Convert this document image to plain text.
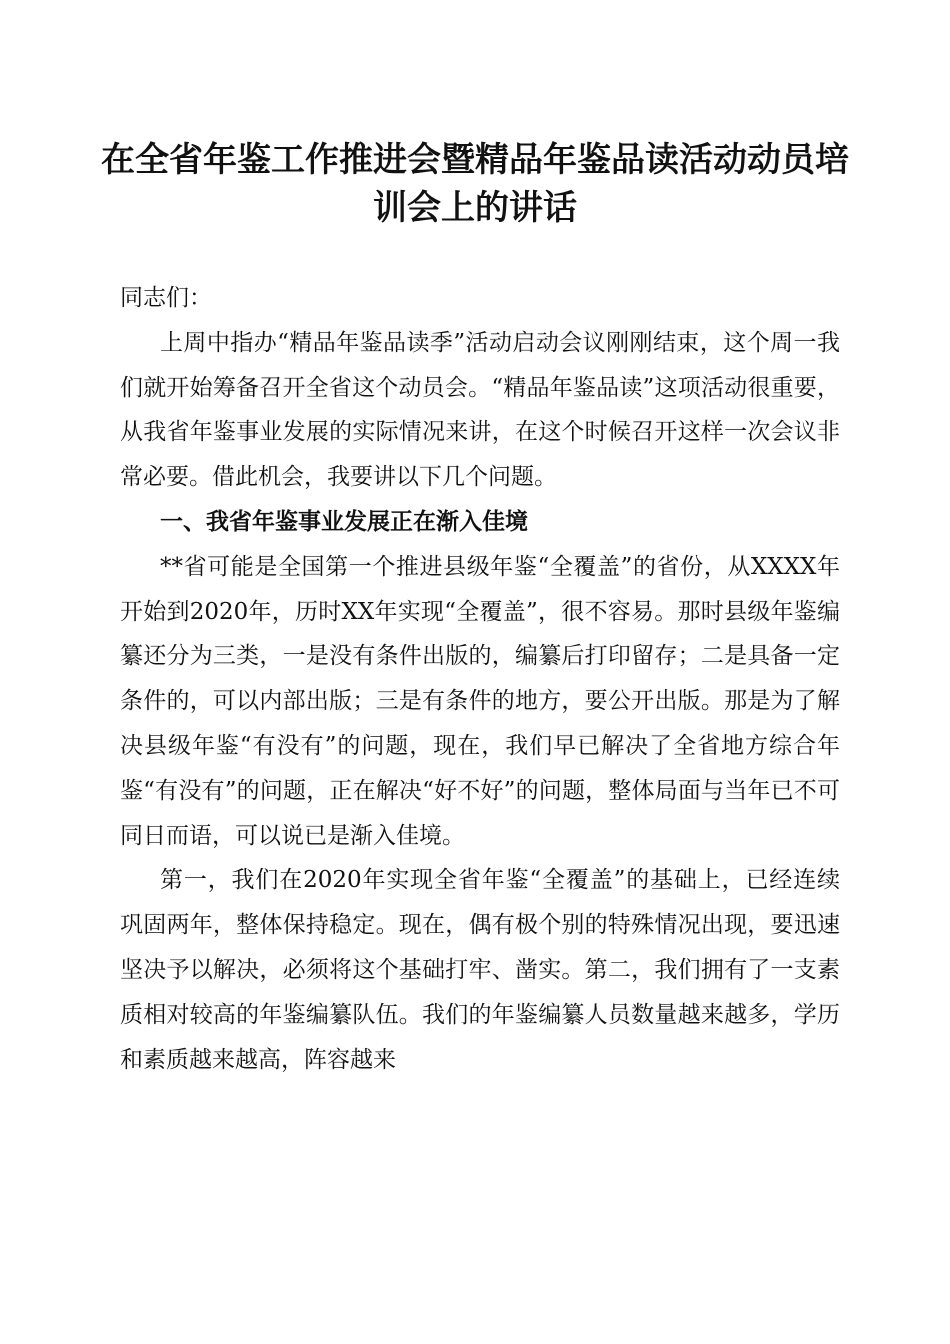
在全省年鉴工作推进会暨精品年鉴品读活动动员培训会上的讲话

同志们：

上周中指办“精品年鉴品读季”活动启动会议刚刚结束，这个周一我们就开始筹备召开全省这个动员会。“精品年鉴品读”这项活动很重要，从我省年鉴事业发展的实际情况来讲，在这个时候召开这样一次会议非常必要。借此机会，我要讲以下几个问题。

一、我省年鉴事业发展正在渐入佳境

**省可能是全国第一个推进县级年鉴“全覆盖”的省份，从XXXX年开始到2020年，历时XX年实现“全覆盖”，很不容易。那时县级年鉴编纂还分为三类，一是没有条件出版的，编纂后打印留存；二是具备一定条件的，可以内部出版；三是有条件的地方，要公开出版。那是为了解决县级年鉴“有没有”的问题，现在，我们早已解决了全省地方综合年鉴“有没有”的问题，正在解决“好不好”的问题，整体局面与当年已不可同日而语，可以说已是渐入佳境。

第一，我们在2020年实现全省年鉴“全覆盖”的基础上，已经连续巩固两年，整体保持稳定。现在，偶有极个别的特殊情况出现，要迅速坚决予以解决，必须将这个基础打牢、凿实。第二，我们拥有了一支素质相对较高的年鉴编纂队伍。我们的年鉴编纂人员数量越来越多，学历和素质越来越高，阵容越来
